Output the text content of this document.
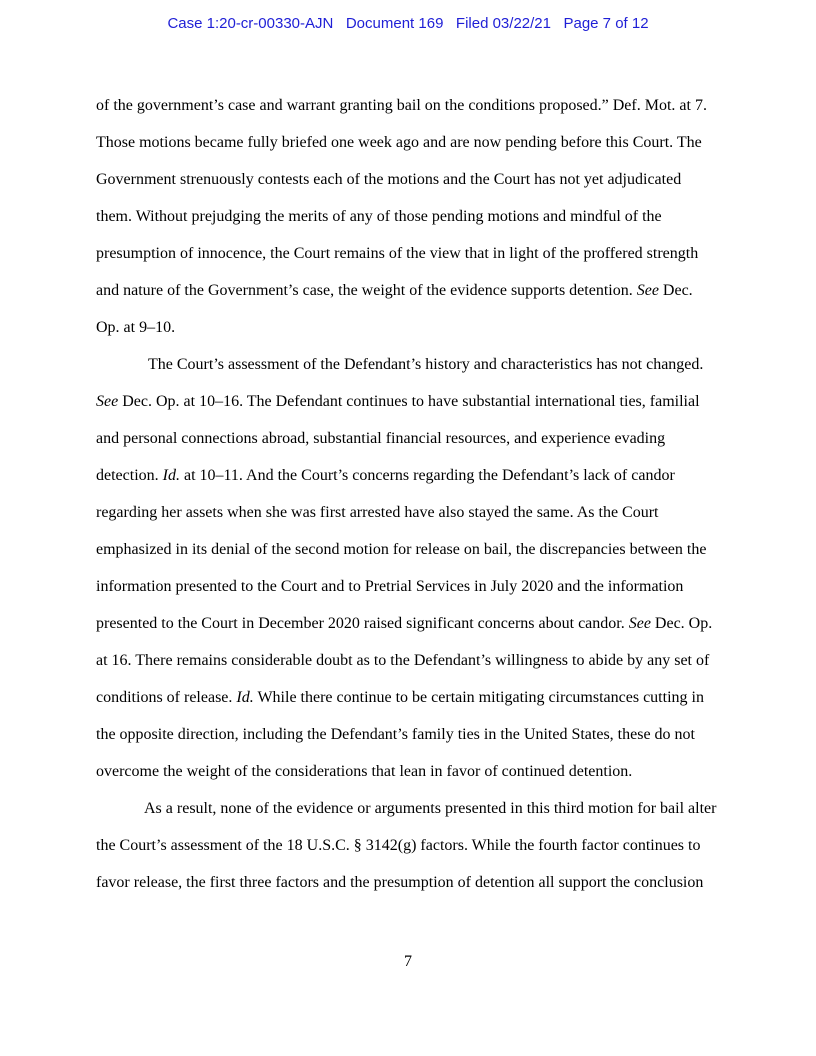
Case 1:20-cr-00330-AJN   Document 169   Filed 03/22/21   Page 7 of 12

of the government’s case and warrant granting bail on the conditions proposed.” Def. Mot. at 7.
Those motions became fully briefed one week ago and are now pending before this Court. The
Government strenuously contests each of the motions and the Court has not yet adjudicated
them. Without prejudging the merits of any of those pending motions and mindful of the
presumption of innocence, the Court remains of the view that in light of the proffered strength
and nature of the Government’s case, the weight of the evidence supports detention. See Dec.
Op. at 9–10.

The Court’s assessment of the Defendant’s history and characteristics has not changed.
See Dec. Op. at 10–16. The Defendant continues to have substantial international ties, familial
and personal connections abroad, substantial financial resources, and experience evading
detection. Id. at 10–11. And the Court’s concerns regarding the Defendant’s lack of candor
regarding her assets when she was first arrested have also stayed the same. As the Court
emphasized in its denial of the second motion for release on bail, the discrepancies between the
information presented to the Court and to Pretrial Services in July 2020 and the information
presented to the Court in December 2020 raised significant concerns about candor. See Dec. Op.
at 16. There remains considerable doubt as to the Defendant’s willingness to abide by any set of
conditions of release. Id. While there continue to be certain mitigating circumstances cutting in
the opposite direction, including the Defendant’s family ties in the United States, these do not
overcome the weight of the considerations that lean in favor of continued detention.

As a result, none of the evidence or arguments presented in this third motion for bail alter
the Court’s assessment of the 18 U.S.C. § 3142(g) factors. While the fourth factor continues to
favor release, the first three factors and the presumption of detention all support the conclusion

7
